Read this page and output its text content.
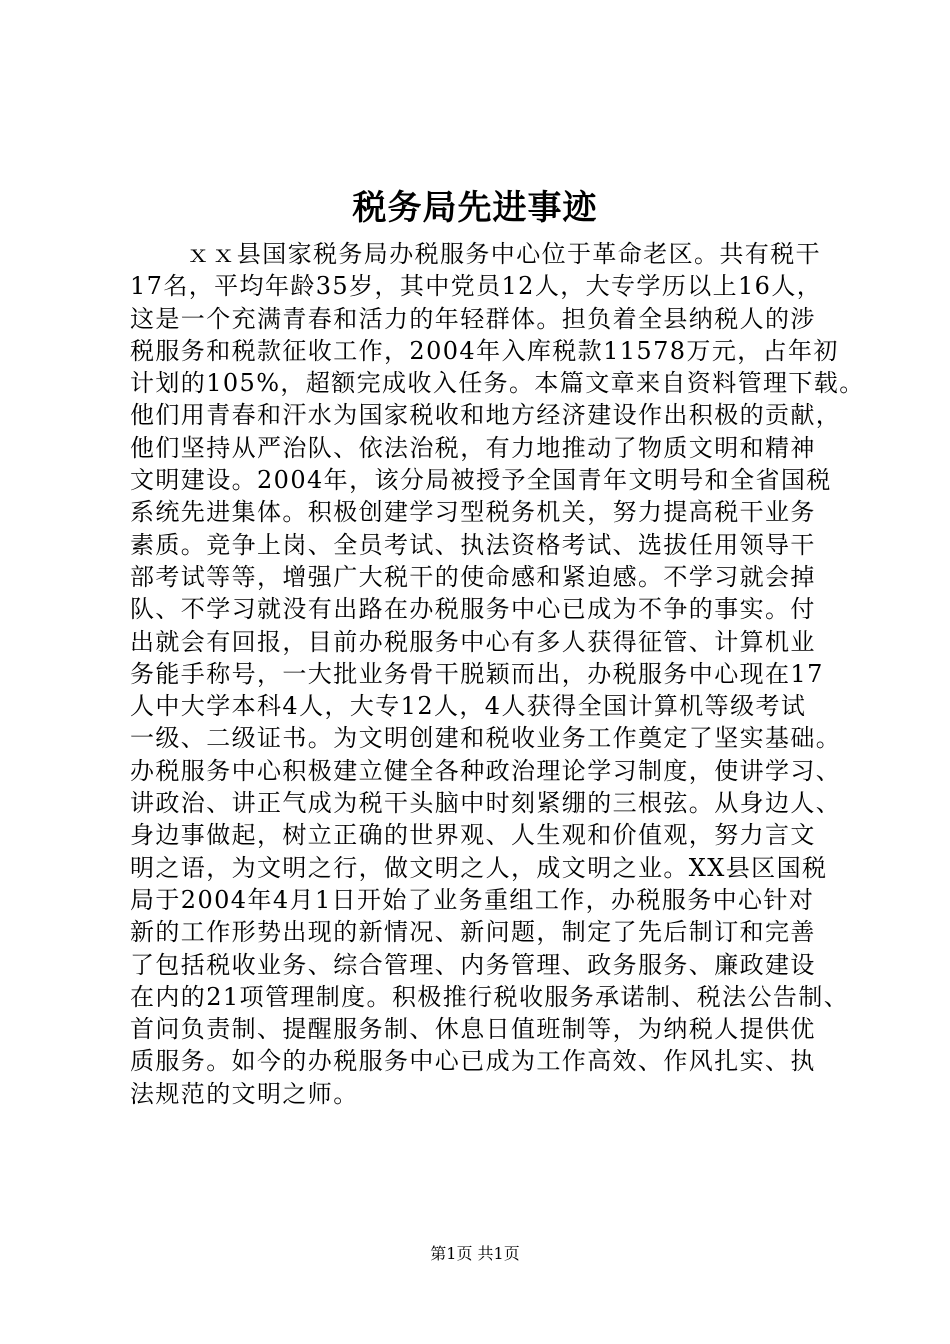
税务局先进事迹
ｘｘ县国家税务局办税服务中心位于革命老区。共有税干
17名，平均年龄35岁，其中党员12人，大专学历以上16人，
这是一个充满青春和活力的年轻群体。担负着全县纳税人的涉
税服务和税款征收工作，2004年入库税款11578万元，占年初
计划的105%，超额完成收入任务。本篇文章来自资料管理下载。
他们用青春和汗水为国家税收和地方经济建设作出积极的贡献，
他们坚持从严治队、依法治税，有力地推动了物质文明和精神
文明建设。2004年，该分局被授予全国青年文明号和全省国税
系统先进集体。积极创建学习型税务机关，努力提高税干业务
素质。竞争上岗、全员考试、执法资格考试、选拔任用领导干
部考试等等，增强广大税干的使命感和紧迫感。不学习就会掉
队、不学习就没有出路在办税服务中心已成为不争的事实。付
出就会有回报，目前办税服务中心有多人获得征管、计算机业
务能手称号，一大批业务骨干脱颖而出，办税服务中心现在17
人中大学本科4人，大专12人，4人获得全国计算机等级考试
一级、二级证书。为文明创建和税收业务工作奠定了坚实基础。
办税服务中心积极建立健全各种政治理论学习制度，使讲学习、
讲政治、讲正气成为税干头脑中时刻紧绷的三根弦。从身边人、
身边事做起，树立正确的世界观、人生观和价值观，努力言文
明之语，为文明之行，做文明之人，成文明之业。XX县区国税
局于2004年4月1日开始了业务重组工作，办税服务中心针对
新的工作形势出现的新情况、新问题，制定了先后制订和完善
了包括税收业务、综合管理、内务管理、政务服务、廉政建设
在内的21项管理制度。积极推行税收服务承诺制、税法公告制、
首问负责制、提醒服务制、休息日值班制等，为纳税人提供优
质服务。如今的办税服务中心已成为工作高效、作风扎实、执
法规范的文明之师。
第1页 共1页
